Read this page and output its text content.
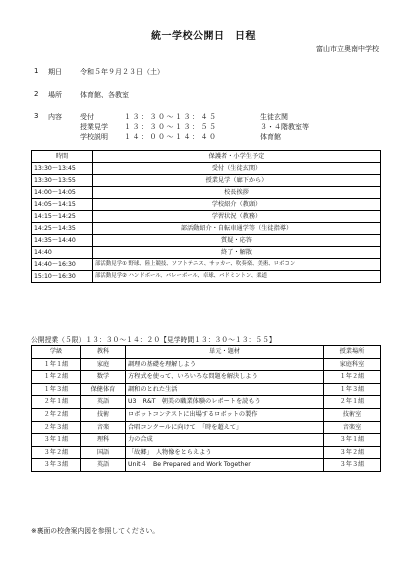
統一学校公開日　日程
富山市立奥南中学校
1 期日	令和５年９月２３日（土）
2 場所	体育館、各教室
3 内容	受付	１３：３０～１３：４５	生徒玄関
授業見学 １３：３０～１３：５５	３・４階教室等
学校説明 １４：００～１４：４０	体育館
時間	保護者・小学生予定
13:30～13:45	受付（生徒玄関）
13:30～13:55	授業見学（廊下から）
14:00～14:05	校長挨拶
14:05～14:15	学校紹介（教頭）
14:15～14:25	学習状況（教務）
14:25～14:35	部活動紹介・自転車通学等（生徒指導）
14:35～14:40	質疑・応答
14:40	終了・解散
14:40～16:30	部活動見学① 野球、陸上競技、ソフトテニス、サッカー、吹奏楽、美術、ロボコン
15:10～16:30	部活動見学② ハンドボール、バレーボール、卓球、バドミントン、柔道
公開授業（５限）１３：３０～１４：２０【見学時間１３：３０～１３：５５】
学級	教科	単元・題材	授業場所
１年１組	家庭	調理の基礎を理解しよう	家庭科室
１年２組	数学	方程式を使って、いろいろな問題を解決しよう	１年２組
１年３組	保健体育	調和のとれた生活	１年３組
２年１組	英語	U3　R&T　朝美の職業体験のレポートを読もう	２年１組
２年２組	技術	ロボットコンテストに出場するロボットの製作	技術室
２年３組	音楽	合唱コンクールに向けて　「時を超えて」	音楽室
３年１組	理科	力の合成	３年１組
３年２組	国語	「故郷」　人物像をとらえよう	３年２組
３年３組	英語	Unit４　Be Prepared and Work Together	３年３組
※裏面の校舎案内図を参照してください。
